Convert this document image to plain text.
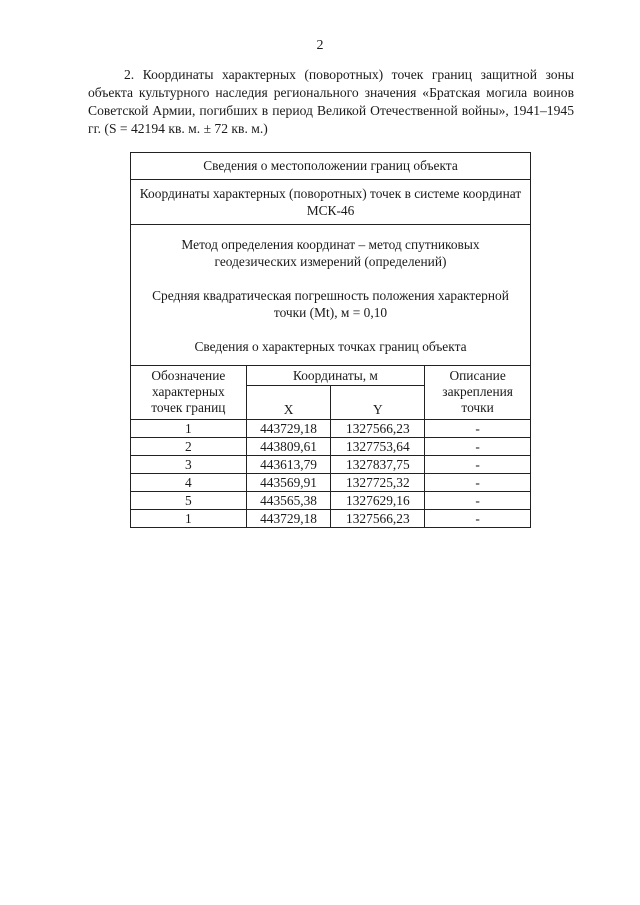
2

2. Координаты характерных (поворотных) точек границ защитной зоны объекта культурного наследия регионального значения «Братская могила воинов Советской Армии, погибших в период Великой Отечественной войны», 1941–1945 гг. (S = 42194 кв. м. ± 72 кв. м.)

Сведения о местоположении границ объекта			
Координаты характерных (поворотных) точек в системе координат МСК-46			

Метод определения координат – метод спутниковых геодезических измерений (определений)

Средняя квадратическая погрешность положения характерной точки (Mt), м = 0,10

Сведения о характерных точках границ объекта			

Обозначение характерных точек границ	Координаты, м		Описание закрепления точки
	X	Y	
1	443729,18	1327566,23	-
2	443809,61	1327753,64	-
3	443613,79	1327837,75	-
4	443569,91	1327725,32	-
5	443565,38	1327629,16	-
1	443729,18	1327566,23	-
